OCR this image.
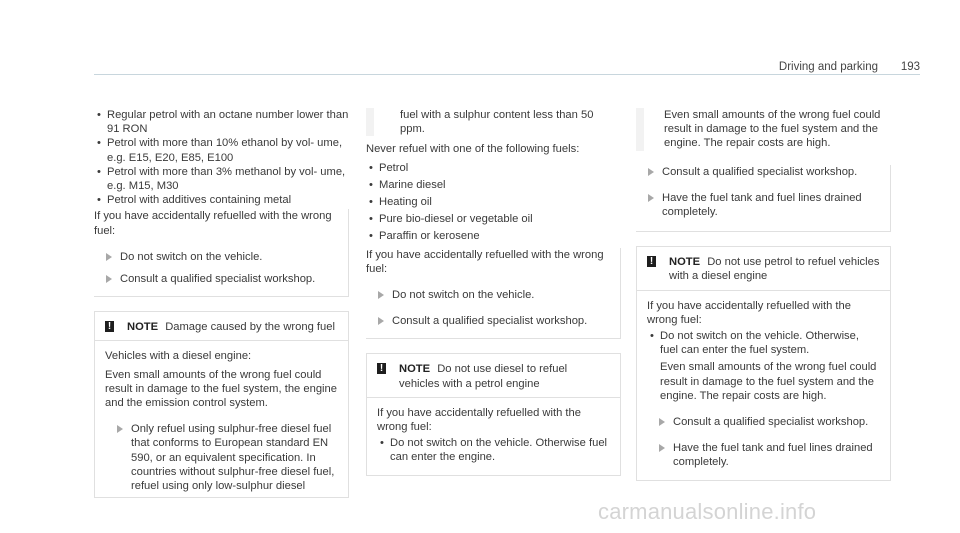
Driving and parking 193
• Regular petrol with an octane number lower than 91 RON
• Petrol with more than 10% ethanol by vol- ume, e.g. E15, E20, E85, E100
• Petrol with more than 3% methanol by vol- ume, e.g. M15, M30
• Petrol with additives containing metal

If you have accidentally refuelled with the wrong fuel:

Do not switch on the vehicle.
Consult a qualified specialist workshop.
! NOTE Damage caused by the wrong fuel

Vehicles with a diesel engine:

Even small amounts of the wrong fuel could result in damage to the fuel system, the engine and the emission control system.

Only refuel using sulphur-free diesel fuel that conforms to European standard EN 590, or an equivalent specification. In countries without sulphur-free diesel fuel, refuel using only low-sulphur diesel

fuel with a sulphur content less than 50 ppm.

Never refuel with one of the following fuels:

• Petrol
• Marine diesel
• Heating oil
• Pure bio-diesel or vegetable oil
• Paraffin or kerosene

If you have accidentally refuelled with the wrong fuel:

Do not switch on the vehicle.
Consult a qualified specialist workshop.
! NOTE Do not use diesel to refuel vehicles with a petrol engine

If you have accidentally refuelled with the wrong fuel:

• Do not switch on the vehicle. Otherwise fuel can enter the engine.

Even small amounts of the wrong fuel could result in damage to the fuel system and the engine. The repair costs are high.

Consult a qualified specialist workshop.
Have the fuel tank and fuel lines drained completely.
! NOTE Do not use petrol to refuel vehicles with a diesel engine

If you have accidentally refuelled with the wrong fuel:

• Do not switch on the vehicle. Otherwise, fuel can enter the fuel system.

Even small amounts of the wrong fuel could result in damage to the fuel system and the engine. The repair costs are high.

Consult a qualified specialist workshop.
Have the fuel tank and fuel lines drained completely.
carmanualsonline.info
